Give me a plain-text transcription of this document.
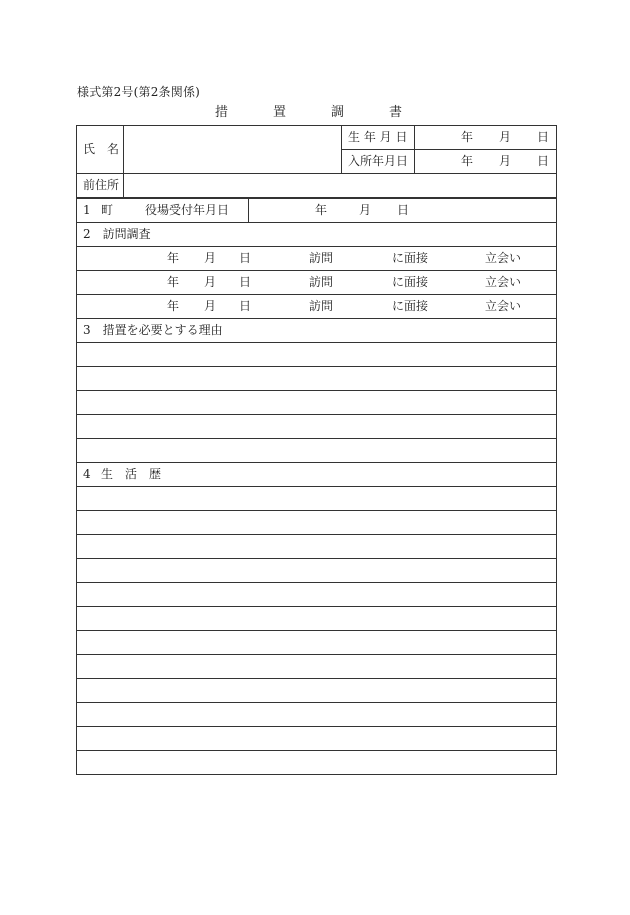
様式第2号(第2条関係)
措	置	調	書
氏　名		生 年 月 日	年 月 日

		入所年月日	年 月 日

前住所			
1 町	役場受付年月日	年	月	日

2　訪問調査

年	月	日	訪問	に面接	立会い

年	月	日	訪問	に面接	立会い

年	月	日	訪問	に面接	立会い

3　措置を必要とする理由

4 生　活　歴
